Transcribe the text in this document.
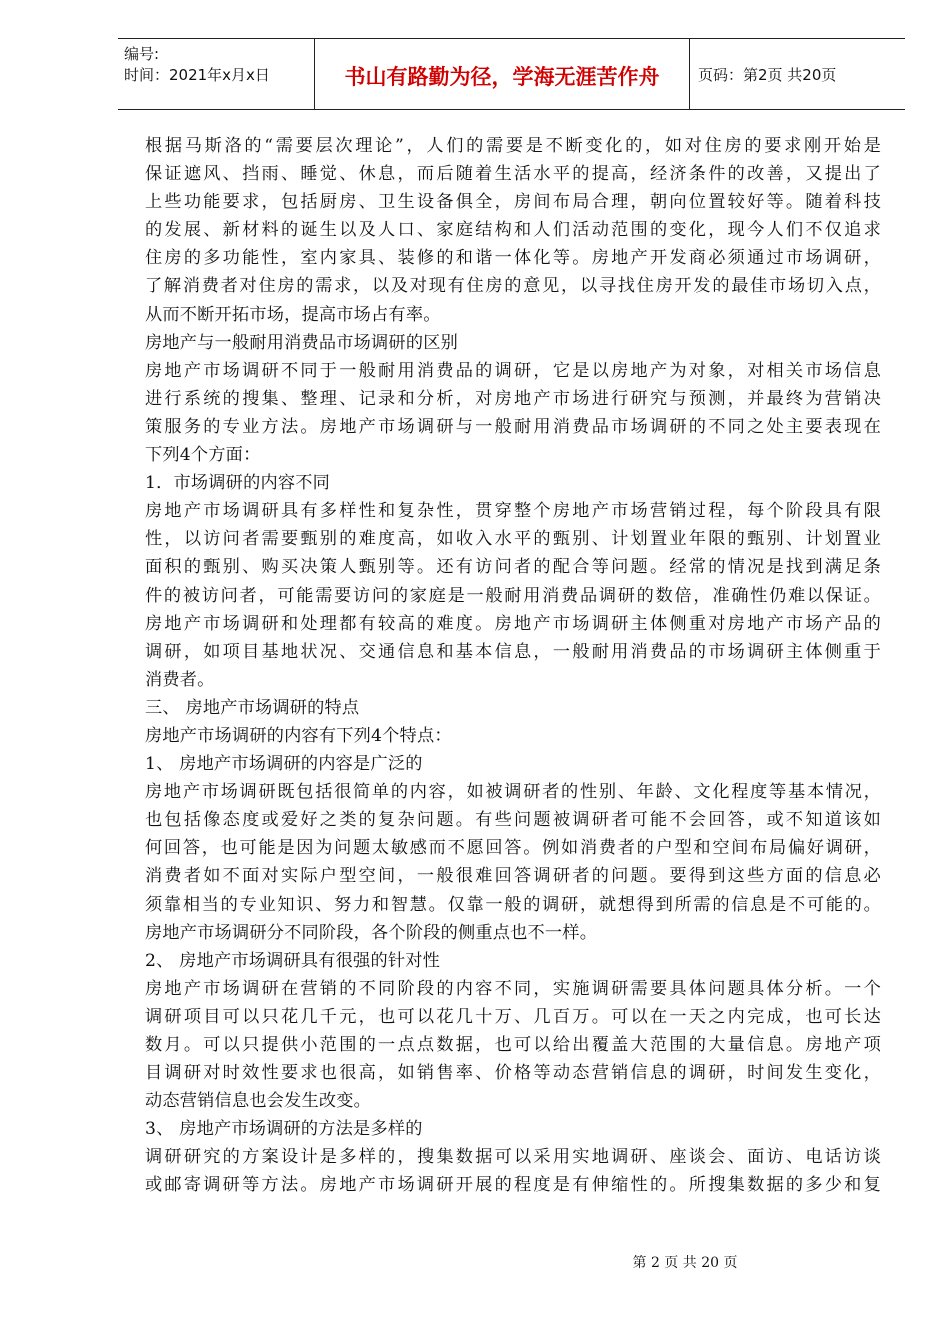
编号:
时间：2021年x月x日	书山有路勤为径，学海无涯苦作舟	页码：第2页 共20页
根据马斯洛的“需要层次理论”，人们的需要是不断变化的，如对住房的要求刚开始是
保证遮风、挡雨、睡觉、休息，而后随着生活水平的提高，经济条件的改善，又提出了
上些功能要求，包括厨房、卫生设备俱全，房间布局合理，朝向位置较好等。随着科技
的发展、新材料的诞生以及人口、家庭结构和人们活动范围的变化，现今人们不仅追求
住房的多功能性，室内家具、装修的和谐一体化等。房地产开发商必须通过市场调研，
了解消费者对住房的需求，以及对现有住房的意见，以寻找住房开发的最佳市场切入点，
从而不断开拓市场，提高市场占有率。
房地产与一般耐用消费品市场调研的区别
房地产市场调研不同于一般耐用消费品的调研，它是以房地产为对象，对相关市场信息
进行系统的搜集、整理、记录和分析，对房地产市场进行研究与预测，并最终为营销决
策服务的专业方法。房地产市场调研与一般耐用消费品市场调研的不同之处主要表现在
下列4个方面：
1．市场调研的内容不同
房地产市场调研具有多样性和复杂性，贯穿整个房地产市场营销过程，每个阶段具有限
性，以访问者需要甄别的难度高，如收入水平的甄别、计划置业年限的甄别、计划置业
面积的甄别、购买决策人甄别等。还有访问者的配合等问题。经常的情况是找到满足条
件的被访问者，可能需要访问的家庭是一般耐用消费品调研的数倍，准确性仍难以保证。
房地产市场调研和处理都有较高的难度。房地产市场调研主体侧重对房地产市场产品的
调研，如项目基地状况、交通信息和基本信息，一般耐用消费品的市场调研主体侧重于
消费者。
三、 房地产市场调研的特点
房地产市场调研的内容有下列4个特点：
1、 房地产市场调研的内容是广泛的
房地产市场调研既包括很简单的内容，如被调研者的性别、年龄、文化程度等基本情况，
也包括像态度或爱好之类的复杂问题。有些问题被调研者可能不会回答，或不知道该如
何回答，也可能是因为问题太敏感而不愿回答。例如消费者的户型和空间布局偏好调研，
消费者如不面对实际户型空间，一般很难回答调研者的问题。要得到这些方面的信息必
须靠相当的专业知识、努力和智慧。仅靠一般的调研，就想得到所需的信息是不可能的。
房地产市场调研分不同阶段，各个阶段的侧重点也不一样。
2、 房地产市场调研具有很强的针对性
房地产市场调研在营销的不同阶段的内容不同，实施调研需要具体问题具体分析。一个
调研项目可以只花几千元，也可以花几十万、几百万。可以在一天之内完成，也可长达
数月。可以只提供小范围的一点点数据，也可以给出覆盖大范围的大量信息。房地产项
目调研对时效性要求也很高，如销售率、价格等动态营销信息的调研，时间发生变化，
动态营销信息也会发生改变。
3、 房地产市场调研的方法是多样的
调研研究的方案设计是多样的，搜集数据可以采用实地调研、座谈会、面访、电话访谈
或邮寄调研等方法。房地产市场调研开展的程度是有伸缩性的。所搜集数据的多少和复
第 2 页 共 20 页
